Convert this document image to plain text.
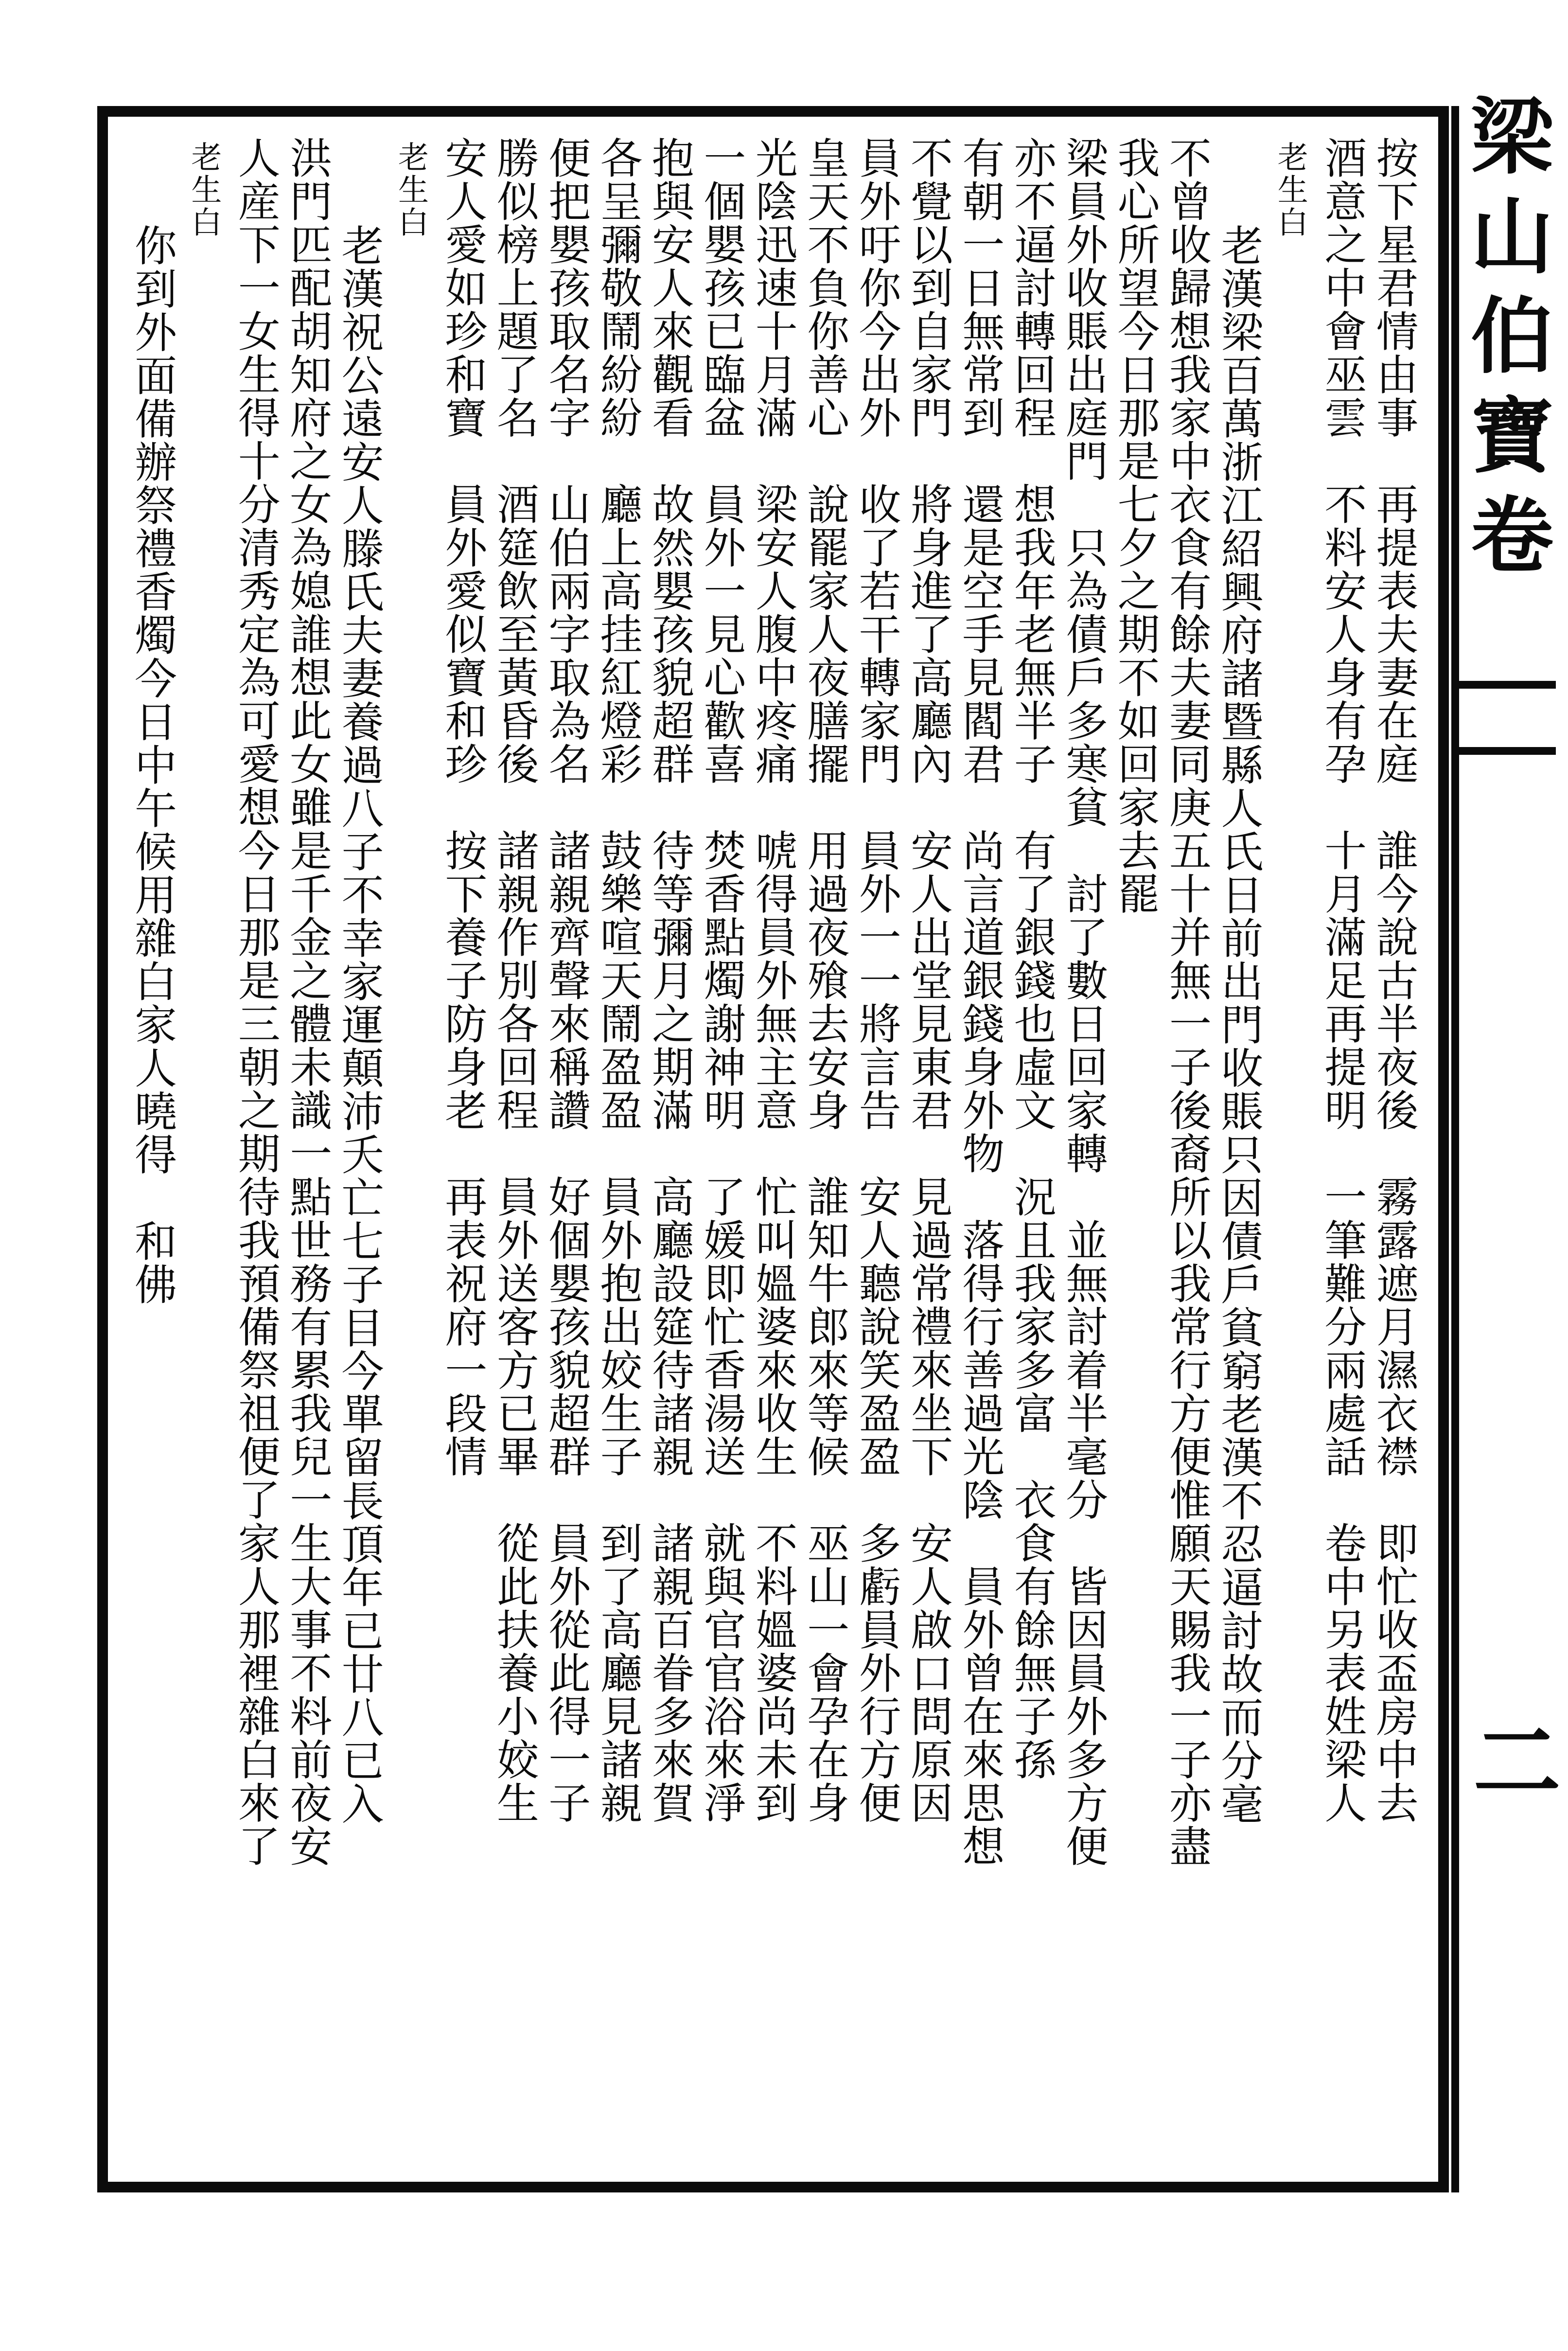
梁
山
伯
寶
卷
二
按下星君情由事　再提表夫妻在庭　誰今說古半夜後　霧露遮月濕衣襟　即忙收盃房中去
酒意之中會巫雲　不料安人身有孕　十月滿足再提明　一筆難分兩處話　卷中另表姓梁人
老生白
老漢梁百萬浙江紹興府諸暨縣人氏日前出門收賬只因債戶貧窮老漢不忍逼討故而分毫
不曾收歸想我家中衣食有餘夫妻同庚五十并無一子後裔所以我常行方便惟願天賜我一子亦盡
我心所望今日那是七夕之期不如回家去罷
梁員外收賬出庭門　只為債戶多寒貧　討了數日回家轉　並無討着半毫分　皆因員外多方便
亦不逼討轉回程　想我年老無半子　有了銀錢也虛文　況且我家多富　衣食有餘無子孫
有朝一日無常到　還是空手見閻君　尚言道銀錢身外物　落得行善過光陰　員外曾在來思想
不覺以到自家門　將身進了高廳內　安人出堂見東君　見過常禮來坐下　安人啟口問原因
員外吁你今出外　收了若干轉家門　員外一一將言告　安人聽說笑盈盈　多虧員外行方便
皇天不負你善心　說罷家人夜膳擺　用過夜飱去安身　誰知牛郎來等候　巫山一會孕在身
光陰迅速十月滿　梁安人腹中疼痛　唬得員外無主意　忙叫媼婆來收生　不料媼婆尚未到
一個嬰孩已臨盆　員外一見心歡喜　焚香點燭謝神明　了媛即忙香湯送　就與官官浴來淨
抱與安人來觀看　故然嬰孩貌超群　待等彌月之期滿　高廳設筵待諸親　諸親百眷多來賀
各呈彌敬鬧紛紛　廳上高挂紅燈彩　鼓樂喧天鬧盈盈　員外抱出姣生子　到了高廳見諸親
便把嬰孩取名字　山伯兩字取為名　諸親齊聲來稱讚　好個嬰孩貌超群　員外從此得一子
勝似榜上題了名　酒筵飲至黃昏後　諸親作別各回程　員外送客方已畢　從此扶養小姣生
安人愛如珍和寶　員外愛似寶和珍　按下養子防身老　再表祝府一段情
老生白
老漢祝公遠安人滕氏夫妻養過八子不幸家運顛沛夭亡七子目今單留長頂年已廿八已入
洪門匹配胡知府之女為媳誰想此女雖是千金之體未識一點世務有累我兒一生大事不料前夜安
人産下一女生得十分清秀定為可愛想今日那是三朝之期待我預備祭祖便了家人那裡雜白來了
老生白
你到外面備辦祭禮香燭今日中午候用雜白家人曉得　和佛
